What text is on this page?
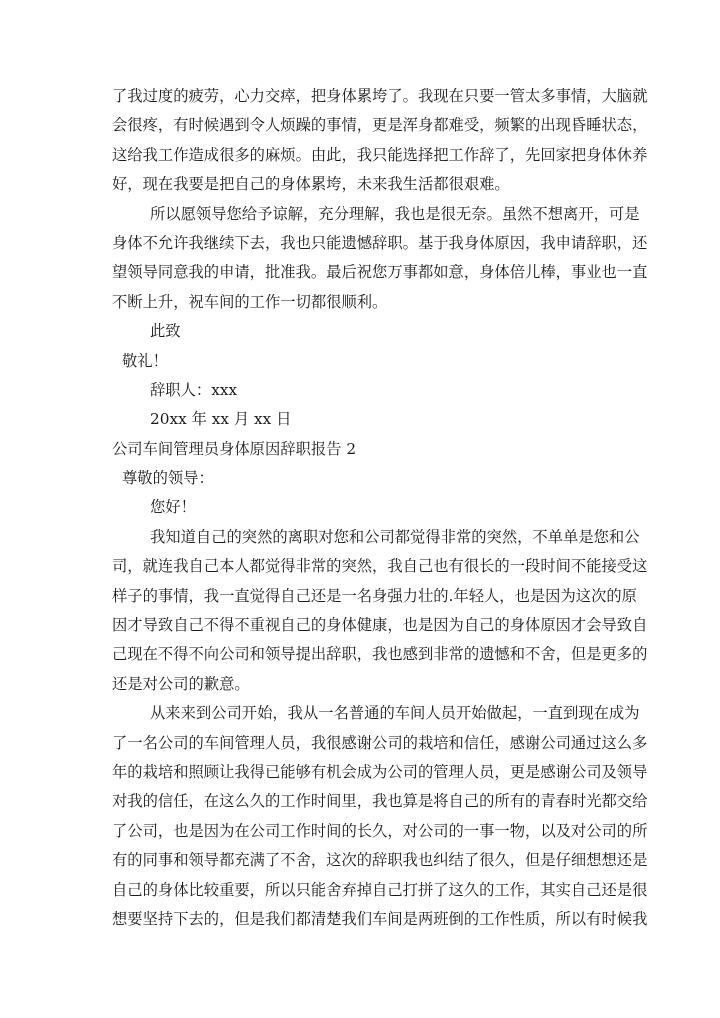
了我过度的疲劳，心力交瘁，把身体累垮了。我现在只要一管太多事情，大脑就
会很疼，有时候遇到令人烦躁的事情，更是浑身都难受，频繁的出现昏睡状态，
这给我工作造成很多的麻烦。由此，我只能选择把工作辞了，先回家把身体休养
好，现在我要是把自己的身体累垮，未来我生活都很艰难。
所以愿领导您给予谅解，充分理解，我也是很无奈。虽然不想离开，可是
身体不允许我继续下去，我也只能遗憾辞职。基于我身体原因，我申请辞职，还
望领导同意我的申请，批准我。最后祝您万事都如意，身体倍儿棒，事业也一直
不断上升，祝车间的工作一切都很顺利。
此致
敬礼！
辞职人：xxx
20xx 年 xx 月 xx 日
公司车间管理员身体原因辞职报告 2
尊敬的领导：
您好！
我知道自己的突然的离职对您和公司都觉得非常的突然，不单单是您和公
司，就连我自己本人都觉得非常的突然，我自己也有很长的一段时间不能接受这
样子的事情，我一直觉得自己还是一名身强力壮的.年轻人，也是因为这次的原
因才导致自己不得不重视自己的身体健康，也是因为自己的身体原因才会导致自
己现在不得不向公司和领导提出辞职，我也感到非常的遗憾和不舍，但是更多的
还是对公司的歉意。
从来来到公司开始，我从一名普通的车间人员开始做起，一直到现在成为
了一名公司的车间管理人员，我很感谢公司的栽培和信任，感谢公司通过这么多
年的栽培和照顾让我得已能够有机会成为公司的管理人员，更是感谢公司及领导
对我的信任，在这么久的工作时间里，我也算是将自己的所有的青春时光都交给
了公司，也是因为在公司工作时间的长久，对公司的一事一物，以及对公司的所
有的同事和领导都充满了不舍，这次的辞职我也纠结了很久，但是仔细想想还是
自己的身体比较重要，所以只能舍弃掉自己打拼了这久的工作，其实自己还是很
想要坚持下去的，但是我们都清楚我们车间是两班倒的工作性质，所以有时候我
